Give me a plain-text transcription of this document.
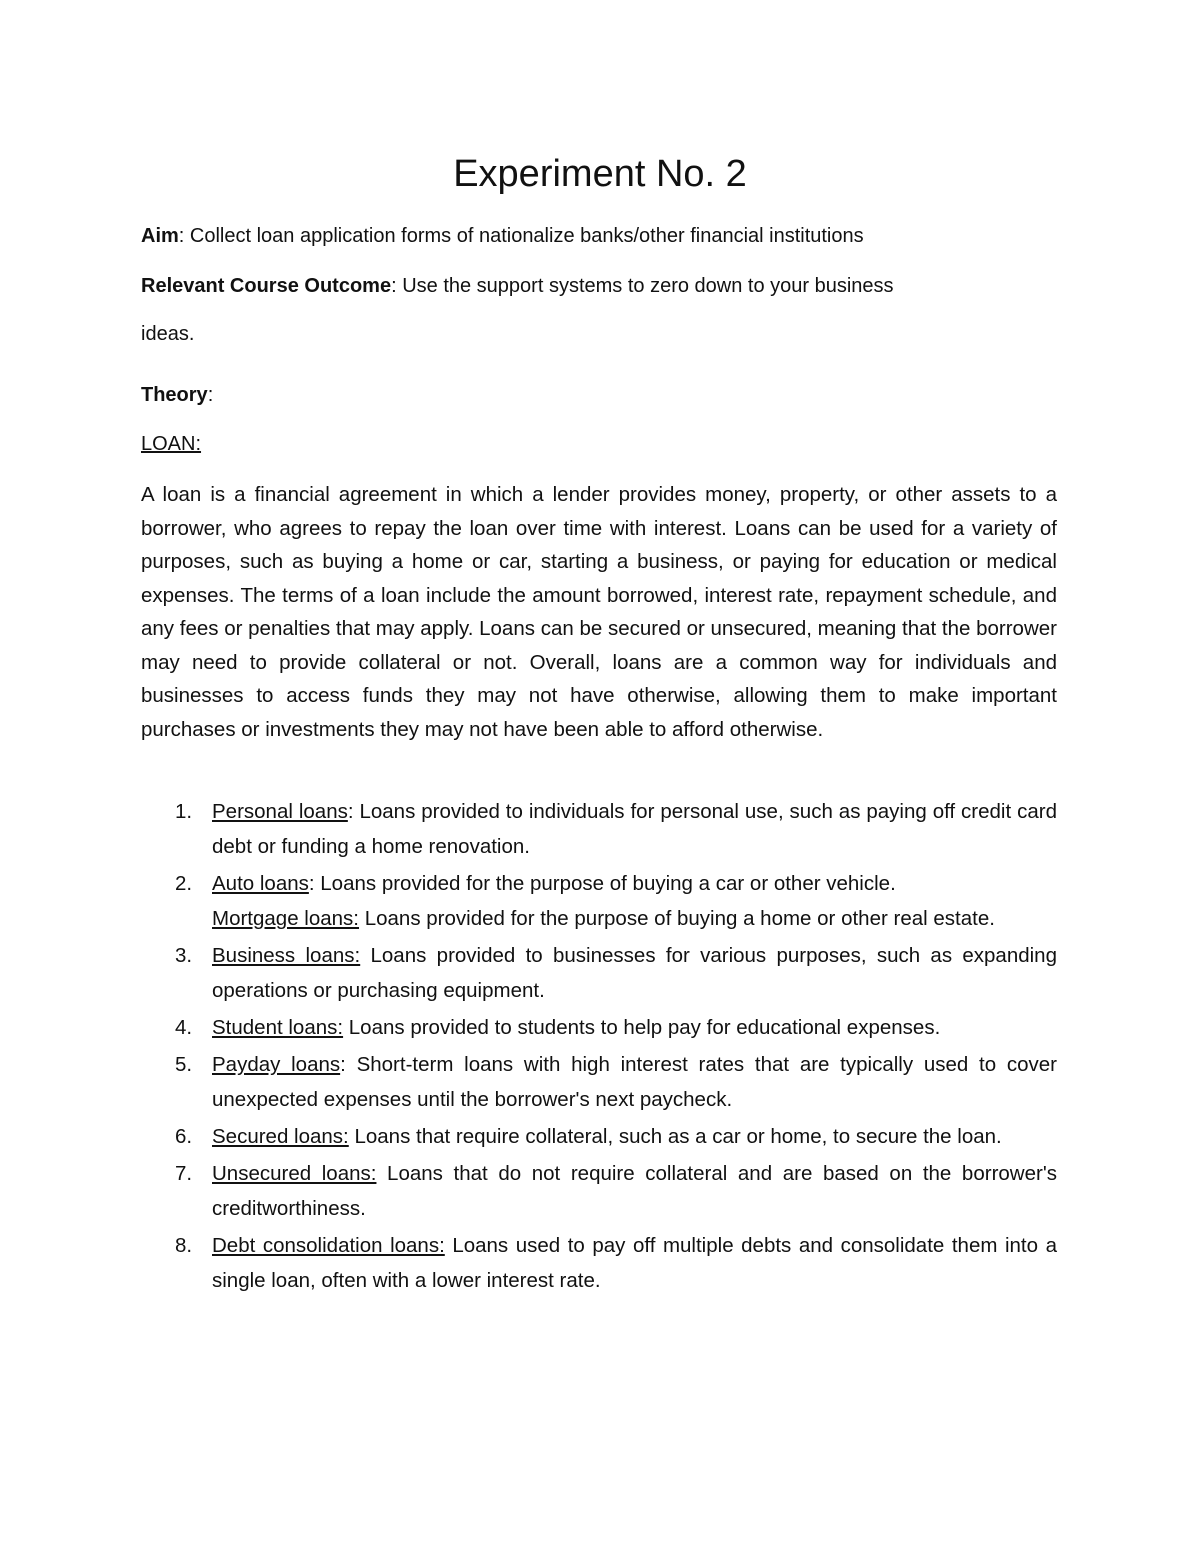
Experiment No. 2
Aim: Collect loan application forms of nationalize banks/other financial institutions
Relevant Course Outcome: Use the support systems to zero down to your business
ideas.
Theory:
LOAN:
A loan is a financial agreement in which a lender provides money, property, or other assets to a borrower, who agrees to repay the loan over time with interest. Loans can be used for a variety of purposes, such as buying a home or car, starting a business, or paying for education or medical expenses. The terms of a loan include the amount borrowed, interest rate, repayment schedule, and any fees or penalties that may apply. Loans can be secured or unsecured, meaning that the borrower may need to provide collateral or not. Overall, loans are a common way for individuals and businesses to access funds they may not have otherwise, allowing them to make important purchases or investments they may not have been able to afford otherwise.
1. Personal loans: Loans provided to individuals for personal use, such as paying off credit card debt or funding a home renovation.
2. Auto loans: Loans provided for the purpose of buying a car or other vehicle.
Mortgage loans: Loans provided for the purpose of buying a home or other real estate.
3. Business loans: Loans provided to businesses for various purposes, such as expanding operations or purchasing equipment.
4. Student loans: Loans provided to students to help pay for educational expenses.
5. Payday loans: Short-term loans with high interest rates that are typically used to cover unexpected expenses until the borrower's next paycheck.
6. Secured loans: Loans that require collateral, such as a car or home, to secure the loan.
7. Unsecured loans: Loans that do not require collateral and are based on the borrower's creditworthiness.
8. Debt consolidation loans: Loans used to pay off multiple debts and consolidate them into a single loan, often with a lower interest rate.
